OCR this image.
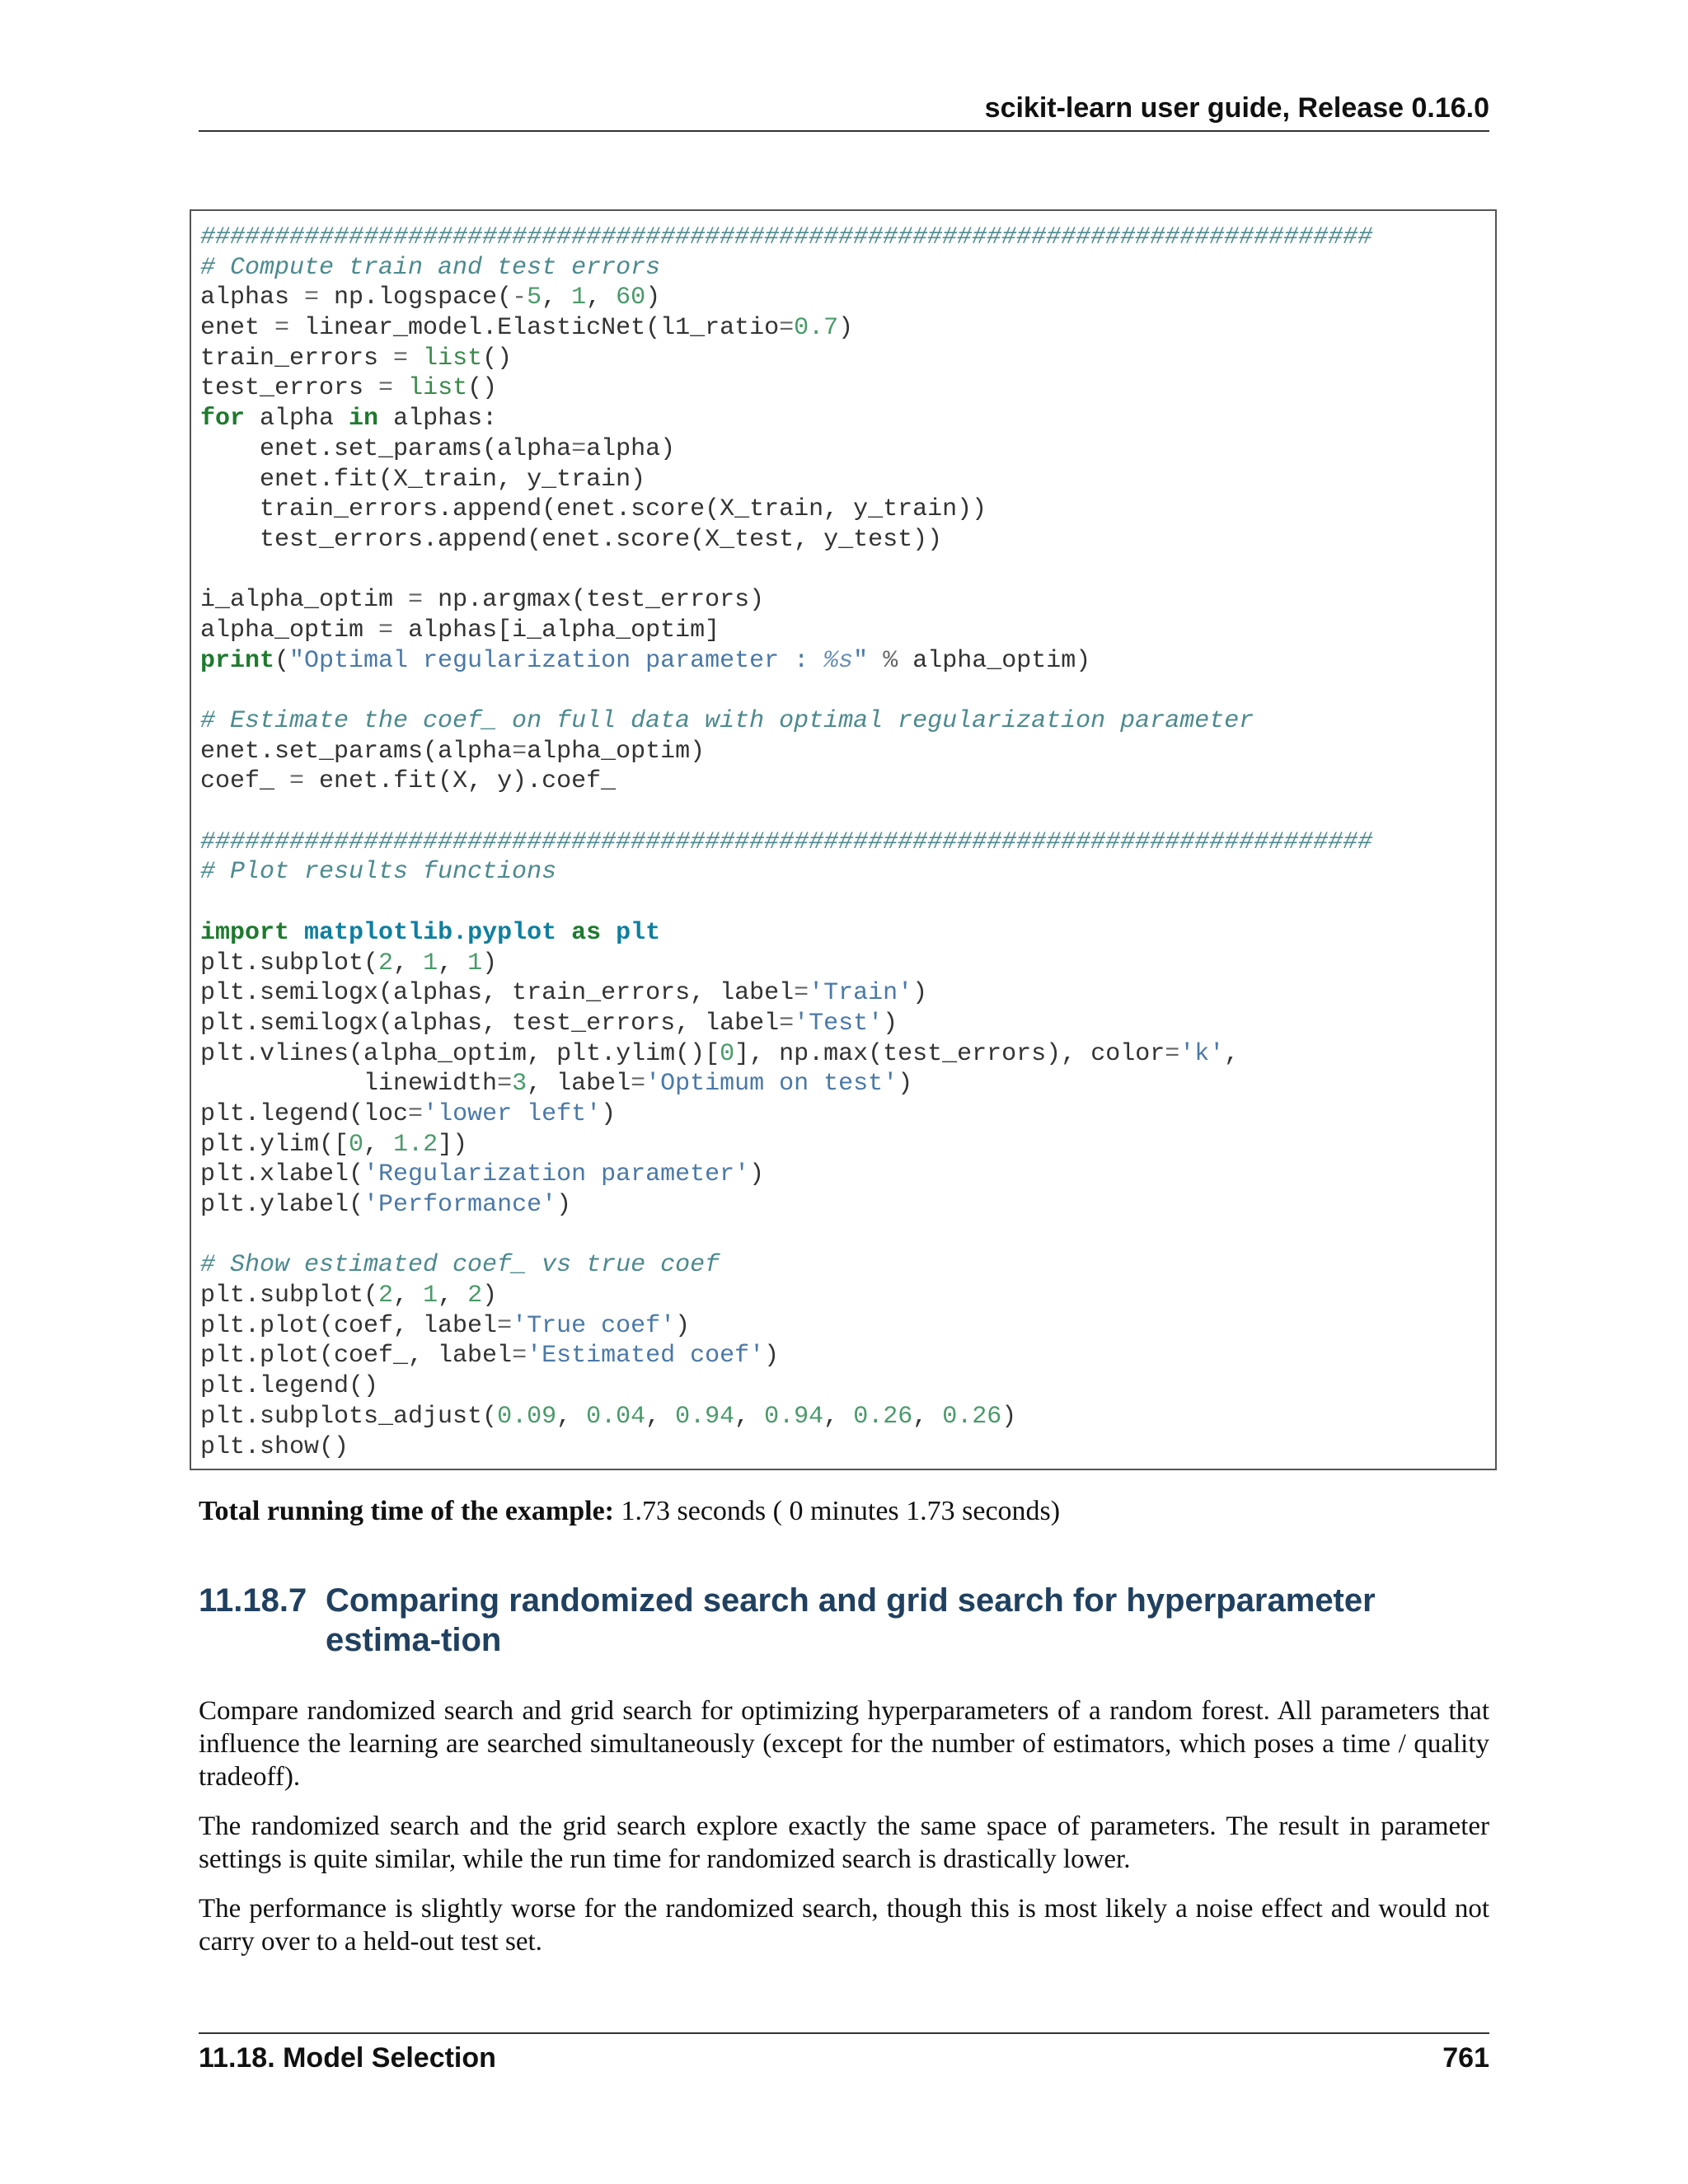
scikit-learn user guide, Release 0.16.0
###############################################################################
# Compute train and test errors
alphas = np.logspace(-5, 1, 60)
enet = linear_model.ElasticNet(l1_ratio=0.7)
train_errors = list()
test_errors = list()
for alpha in alphas:
enet.set_params(alpha=alpha)
enet.fit(X_train, y_train)
train_errors.append(enet.score(X_train, y_train))
test_errors.append(enet.score(X_test, y_test))

i_alpha_optim = np.argmax(test_errors)
alpha_optim = alphas[i_alpha_optim]
print("Optimal regularization parameter : %s" % alpha_optim)

# Estimate the coef_ on full data with optimal regularization parameter
enet.set_params(alpha=alpha_optim)
coef_ = enet.fit(X, y).coef_

###############################################################################
# Plot results functions

import matplotlib.pyplot as plt
plt.subplot(2, 1, 1)
plt.semilogx(alphas, train_errors, label='Train')
plt.semilogx(alphas, test_errors, label='Test')
plt.vlines(alpha_optim, plt.ylim()[0], np.max(test_errors), color='k',
linewidth=3, label='Optimum on test')
plt.legend(loc='lower left')
plt.ylim([0, 1.2])
plt.xlabel('Regularization parameter')
plt.ylabel('Performance')

# Show estimated coef_ vs true coef
plt.subplot(2, 1, 2)
plt.plot(coef, label='True coef')
plt.plot(coef_, label='Estimated coef')
plt.legend()
plt.subplots_adjust(0.09, 0.04, 0.94, 0.94, 0.26, 0.26)
plt.show()
Total running time of the example: 1.73 seconds ( 0 minutes 1.73 seconds)
11.18.7 Comparing randomized search and grid search for hyperparameter estima-tion
Compare randomized search and grid search for optimizing hyperparameters of a random forest. All parameters that influence the learning are searched simultaneously (except for the number of estimators, which poses a time / quality tradeoff).
The randomized search and the grid search explore exactly the same space of parameters. The result in parameter settings is quite similar, while the run time for randomized search is drastically lower.
The performance is slightly worse for the randomized search, though this is most likely a noise effect and would not carry over to a held-out test set.
11.18. Model Selection	761
